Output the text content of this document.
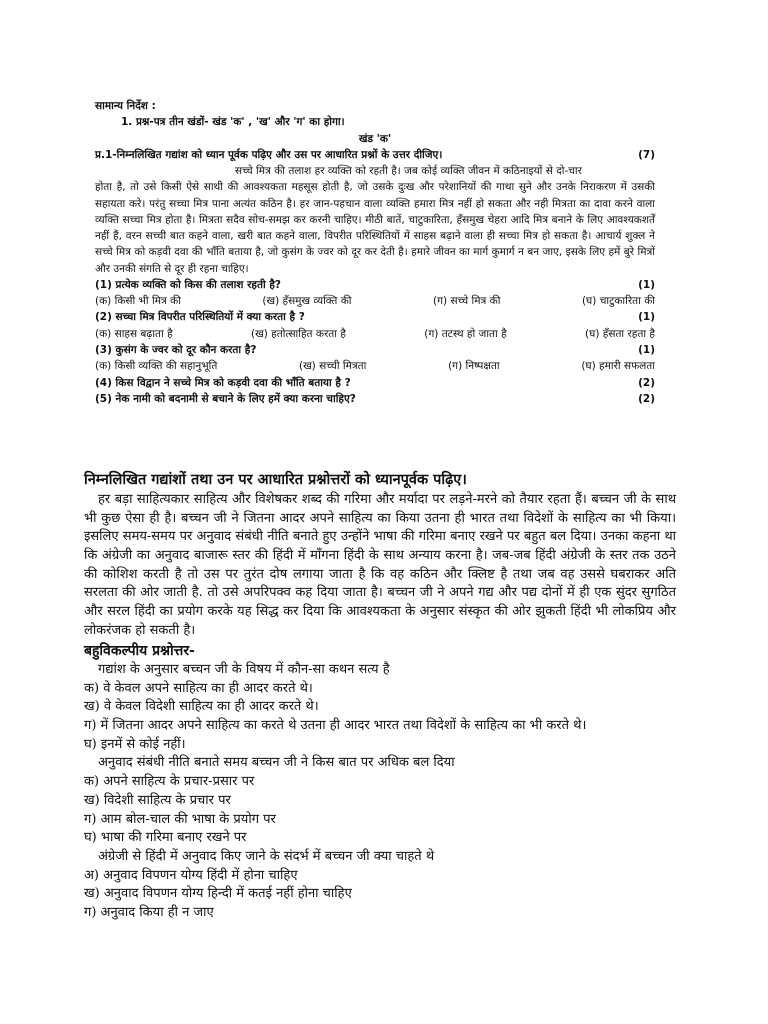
सामान्य निर्देश :
1. प्रश्न-पत्र तीन खंडों- खंड 'क' , 'ख' और 'ग' का होगा।
खंड 'क'
प्र.1-निम्नलिखित गद्यांश को ध्यान पूर्वक पढ़िए और उस पर आधारित प्रश्नों के उत्तर दीजिए।	(7)
सच्चे मित्र की तलाश हर व्यक्ति को रहती है। जब कोई व्यक्ति जीवन में कठिनाइयों से दो-चार
होता है, तो उसे किसी ऐसे साथी की आवश्यकता महसूस होती है, जो उसके दुःख और परेशानियों की गाथा सुने और उनके निराकरण में उसकी सहायता करे। परंतु सच्चा मित्र पाना अत्यंत कठिन है। हर जान-पहचान वाला व्यक्ति हमारा मित्र नहीं हो सकता और नही मित्रता का दावा करने वाला व्यक्ति सच्चा मित्र होता है। मित्रता सदैव सोच-समझ कर करनी चाहिए। मीठी बातें, चाटुकारिता, हँसमुख चेहरा आदि मित्र बनाने के लिए आवश्यकशर्तें नहीं हैं, वरन सच्ची बात कहने वाला, खरी बात कहने वाला, विपरीत परिस्थितियों में साहस बढ़ाने वाला ही सच्चा मित्र हो सकता है। आचार्य शुक्ल ने सच्चे मित्र को कड़वी दवा की भाँति बताया है, जो कुसंग के ज्वर को दूर कर देती है। हमारे जीवन का मार्ग कुमार्ग न बन जाए, इसके लिए हमें बुरे मित्रों और उनकी संगति से दूर ही रहना चाहिए।
(1) प्रत्येक व्यक्ति को किस की तलाश रहती है?	(1)
(क) किसी भी मित्र की	(ख) हँसमुख व्यक्ति की	(ग) सच्चे मित्र की	(घ) चाटुकारिता की
(2) सच्चा मित्र विपरीत परिस्थितियों में क्या करता है ?	(1)
(क) साहस बढ़ाता है	(ख) हतोत्साहित करता है	(ग) तटस्थ हो जाता है	(घ) हँसता रहता है
(3) कुसंग के ज्वर को दूर कौन करता है?	(1)
(क) किसी व्यक्ति की सहानुभूति	(ख) सच्ची मित्रता	(ग) निष्पक्षता	(घ) हमारी सफलता
(4) किस विद्वान ने सच्चे मित्र को कड़वी दवा की भाँति बताया है ?	(2)
(5) नेक नामी को बदनामी से बचाने के लिए हमें क्या करना चाहिए?	(2)
निम्नलिखित गद्यांशों तथा उन पर आधारित प्रश्नोत्तरों को ध्यानपूर्वक पढ़िए।
हर बड़ा साहित्यकार साहित्य और विशेषकर शब्द की गरिमा और मर्यादा पर लड़ने-मरने को तैयार रहता हैं। बच्चन जी के साथ भी कुछ ऐसा ही है। बच्चन जी ने जितना आदर अपने साहित्य का किया उतना ही भारत तथा विदेशों के साहित्य का भी किया। इसलिए समय-समय पर अनुवाद संबंधी नीति बनाते हुए उन्होंने भाषा की गरिमा बनाए रखने पर बहुत बल दिया। उनका कहना था कि अंग्रेजी का अनुवाद बाजारू स्तर की हिंदी में माँगना हिंदी के साथ अन्याय करना है। जब-जब हिंदी अंग्रेजी के स्तर तक उठने की कोशिश करती है तो उस पर तुरंत दोष लगाया जाता है कि वह कठिन और क्लिष्ट है तथा जब वह उससे घबराकर अति सरलता की ओर जाती है. तो उसे अपरिपक्व कह दिया जाता है। बच्चन जी ने अपने गद्य और पद्य दोनों में ही एक सुंदर सुगठित और सरल हिंदी का प्रयोग करके यह सिद्ध कर दिया कि आवश्यकता के अनुसार संस्कृत की ओर झुकती हिंदी भी लोकप्रिय और लोकरंजक हो सकती है।
बहुविकल्पीय प्रश्नोत्तर-
गद्यांश के अनुसार बच्चन जी के विषय में कौन-सा कथन सत्य है
क) वे केवल अपने साहित्य का ही आदर करते थे।
ख) वे केवल विदेशी साहित्य का ही आदर करते थे।
ग) में जितना आदर अपने साहित्य का करते थे उतना ही आदर भारत तथा विदेशों के साहित्य का भी करते थे।
घ) इनमें से कोई नहीं।
अनुवाद संबंधी नीति बनाते समय बच्चन जी ने किस बात पर अधिक बल दिया
क) अपने साहित्य के प्रचार-प्रसार पर
ख) विदेशी साहित्य के प्रचार पर
ग) आम बोल-चाल की भाषा के प्रयोग पर
घ) भाषा की गरिमा बनाए रखने पर
अंग्रेजी से हिंदी में अनुवाद किए जाने के संदर्भ में बच्चन जी क्या चाहते थे
अ) अनुवाद विपणन योग्य हिंदी में होना चाहिए
ख) अनुवाद विपणन योग्य हिन्दी में कतई नहीं होना चाहिए
ग) अनुवाद किया ही न जाए
